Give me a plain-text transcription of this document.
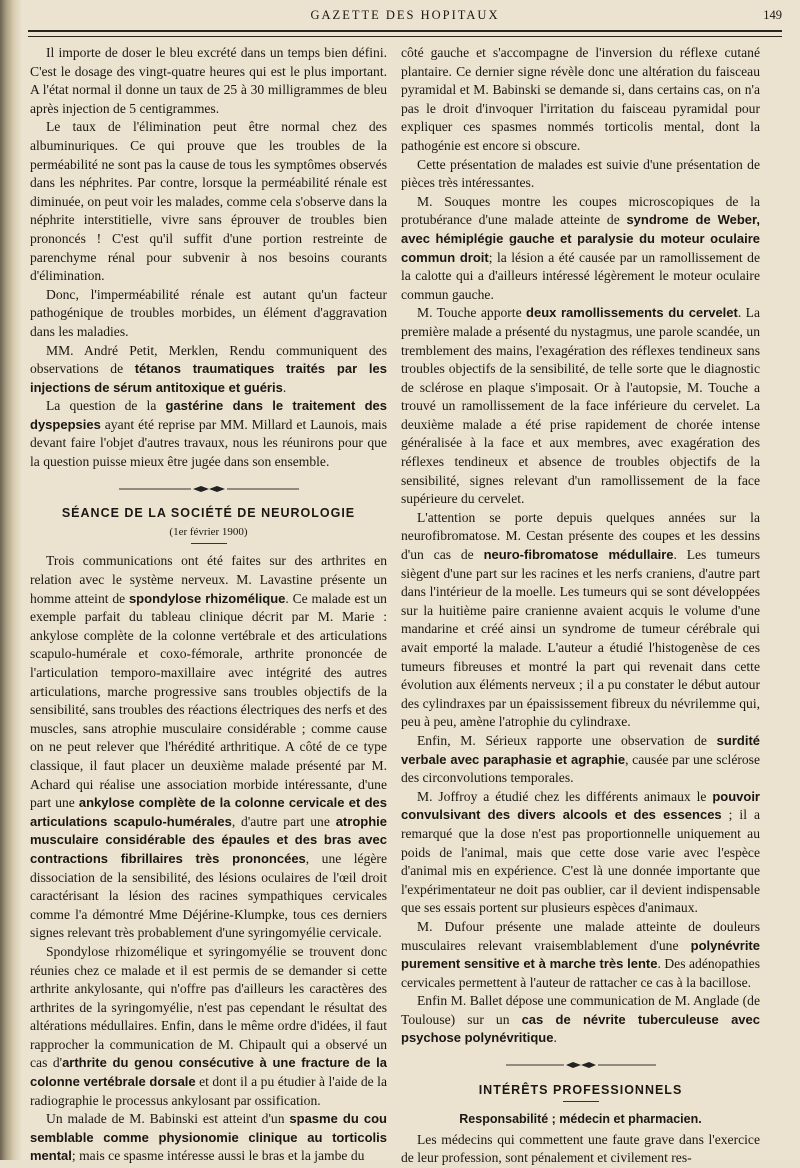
GAZETTE DES HOPITAUX	149

Il importe de doser le bleu excrété dans un temps bien défini. C'est le dosage des vingt-quatre heures qui est le plus important. A l'état normal il donne un taux de 25 à 30 milligrammes de bleu après injection de 5 centigrammes.

Le taux de l'élimination peut être normal chez des albuminuriques. Ce qui prouve que les troubles de la perméabilité ne sont pas la cause de tous les symptômes observés dans les néphrites. Par contre, lorsque la perméabilité rénale est diminuée, on peut voir les malades, comme cela s'observe dans la néphrite interstitielle, vivre sans éprouver de troubles bien prononcés ! C'est qu'il suffit d'une portion restreinte de parenchyme rénal pour subvenir à nos besoins courants d'élimination.

Donc, l'imperméabilité rénale est autant qu'un facteur pathogénique de troubles morbides, un élément d'aggravation dans les maladies.

MM. André Petit, Merklen, Rendu communiquent des observations de tétanos traumatiques traités par les injections de sérum antitoxique et guéris.

La question de la gastérine dans le traitement des dyspepsies ayant été reprise par MM. Millard et Launois, mais devant faire l'objet d'autres travaux, nous les réunirons pour que la question puisse mieux être jugée dans son ensemble.

SÉANCE DE LA SOCIÉTÉ DE NEUROLOGIE
(1er février 1900)

Trois communications ont été faites sur des arthrites en relation avec le système nerveux. M. Lavastine présente un homme atteint de spondylose rhizomélique. Ce malade est un exemple parfait du tableau clinique décrit par M. Marie : ankylose complète de la colonne vertébrale et des articulations scapulo-humérale et coxo-fémorale, arthrite prononcée de l'articulation temporo-maxillaire avec intégrité des autres articulations, marche progressive sans troubles objectifs de la sensibilité, sans troubles des réactions électriques des nerfs et des muscles, sans atrophie musculaire considérable ; comme cause on ne peut relever que l'hérédité arthritique. A côté de ce type classique, il faut placer un deuxième malade présenté par M. Achard qui réalise une association morbide intéressante, d'une part une ankylose complète de la colonne cervicale et des articulations scapulo-humérales, d'autre part une atrophie musculaire considérable des épaules et des bras avec contractions fibrillaires très prononcées, une légère dissociation de la sensibilité, des lésions oculaires de l'œil droit caractérisant la lésion des racines sympathiques cervicales comme l'a démontré Mme Déjérine-Klumpke, tous ces derniers signes relevant très probablement d'une syringomyélie cervicale.

Spondylose rhizomélique et syringomyélie se trouvent donc réunies chez ce malade et il est permis de se demander si cette arthrite ankylosante, qui n'offre pas d'ailleurs les caractères des arthrites de la syringomyélie, n'est pas cependant le résultat des altérations médullaires. Enfin, dans le même ordre d'idées, il faut rapprocher la communication de M. Chipault qui a observé un cas d'arthrite du genou consécutive à une fracture de la colonne vertébrale dorsale et dont il a pu étudier à l'aide de la radiographie le processus ankylosant par ossification.

Un malade de M. Babinski est atteint d'un spasme du cou semblable comme physionomie clinique au torticolis mental; mais ce spasme intéresse aussi le bras et la jambe du

côté gauche et s'accompagne de l'inversion du réflexe cutané plantaire. Ce dernier signe révèle donc une altération du faisceau pyramidal et M. Babinski se demande si, dans certains cas, on n'a pas le droit d'invoquer l'irritation du faisceau pyramidal pour expliquer ces spasmes nommés torticolis mental, dont la pathogénie est encore si obscure.

Cette présentation de malades est suivie d'une présentation de pièces très intéressantes.

M. Souques montre les coupes microscopiques de la protubérance d'une malade atteinte de syndrome de Weber, avec hémiplégie gauche et paralysie du moteur oculaire commun droit; la lésion a été causée par un ramollissement de la calotte qui a d'ailleurs intéressé légèrement le moteur oculaire commun gauche.

M. Touche apporte deux ramollissements du cervelet. La première malade a présenté du nystagmus, une parole scandée, un tremblement des mains, l'exagération des réflexes tendineux sans troubles objectifs de la sensibilité, de telle sorte que le diagnostic de sclérose en plaque s'imposait. Or à l'autopsie, M. Touche a trouvé un ramollissement de la face inférieure du cervelet. La deuxième malade a été prise rapidement de chorée intense généralisée à la face et aux membres, avec exagération des réflexes tendineux et absence de troubles objectifs de la sensibilité, signes relevant d'un ramollissement de la face supérieure du cervelet.

L'attention se porte depuis quelques années sur la neurofibromatose. M. Cestan présente des coupes et les dessins d'un cas de neuro-fibromatose médullaire. Les tumeurs siègent d'une part sur les racines et les nerfs craniens, d'autre part dans l'intérieur de la moelle. Les tumeurs qui se sont développées sur la huitième paire cranienne avaient acquis le volume d'une mandarine et créé ainsi un syndrome de tumeur cérébrale qui avait emporté la malade. L'auteur a étudié l'histogenèse de ces tumeurs fibreuses et montré la part qui revenait dans cette évolution aux éléments nerveux ; il a pu constater le début autour des cylindraxes par un épaississement fibreux du névrilemme qui, peu à peu, amène l'atrophie du cylindraxe.

Enfin, M. Sérieux rapporte une observation de surdité verbale avec paraphasie et agraphie, causée par une sclérose des circonvolutions temporales.

M. Joffroy a étudié chez les différents animaux le pouvoir convulsivant des divers alcools et des essences ; il a remarqué que la dose n'est pas proportionnelle uniquement au poids de l'animal, mais que cette dose varie avec l'espèce d'animal mis en expérience. C'est là une donnée importante que l'expérimentateur ne doit pas oublier, car il devient indispensable que ses essais portent sur plusieurs espèces d'animaux.

M. Dufour présente une malade atteinte de douleurs musculaires relevant vraisemblablement d'une polynévrite purement sensitive et à marche très lente. Des adénopathies cervicales permettent à l'auteur de rattacher ce cas à la bacillose.

Enfin M. Ballet dépose une communication de M. Anglade (de Toulouse) sur un cas de névrite tuberculeuse avec psychose polynévritique.

INTÉRÊTS PROFESSIONNELS
Responsabilité ; médecin et pharmacien.

Les médecins qui commettent une faute grave dans l'exercice de leur profession, sont pénalement et civilement res-
